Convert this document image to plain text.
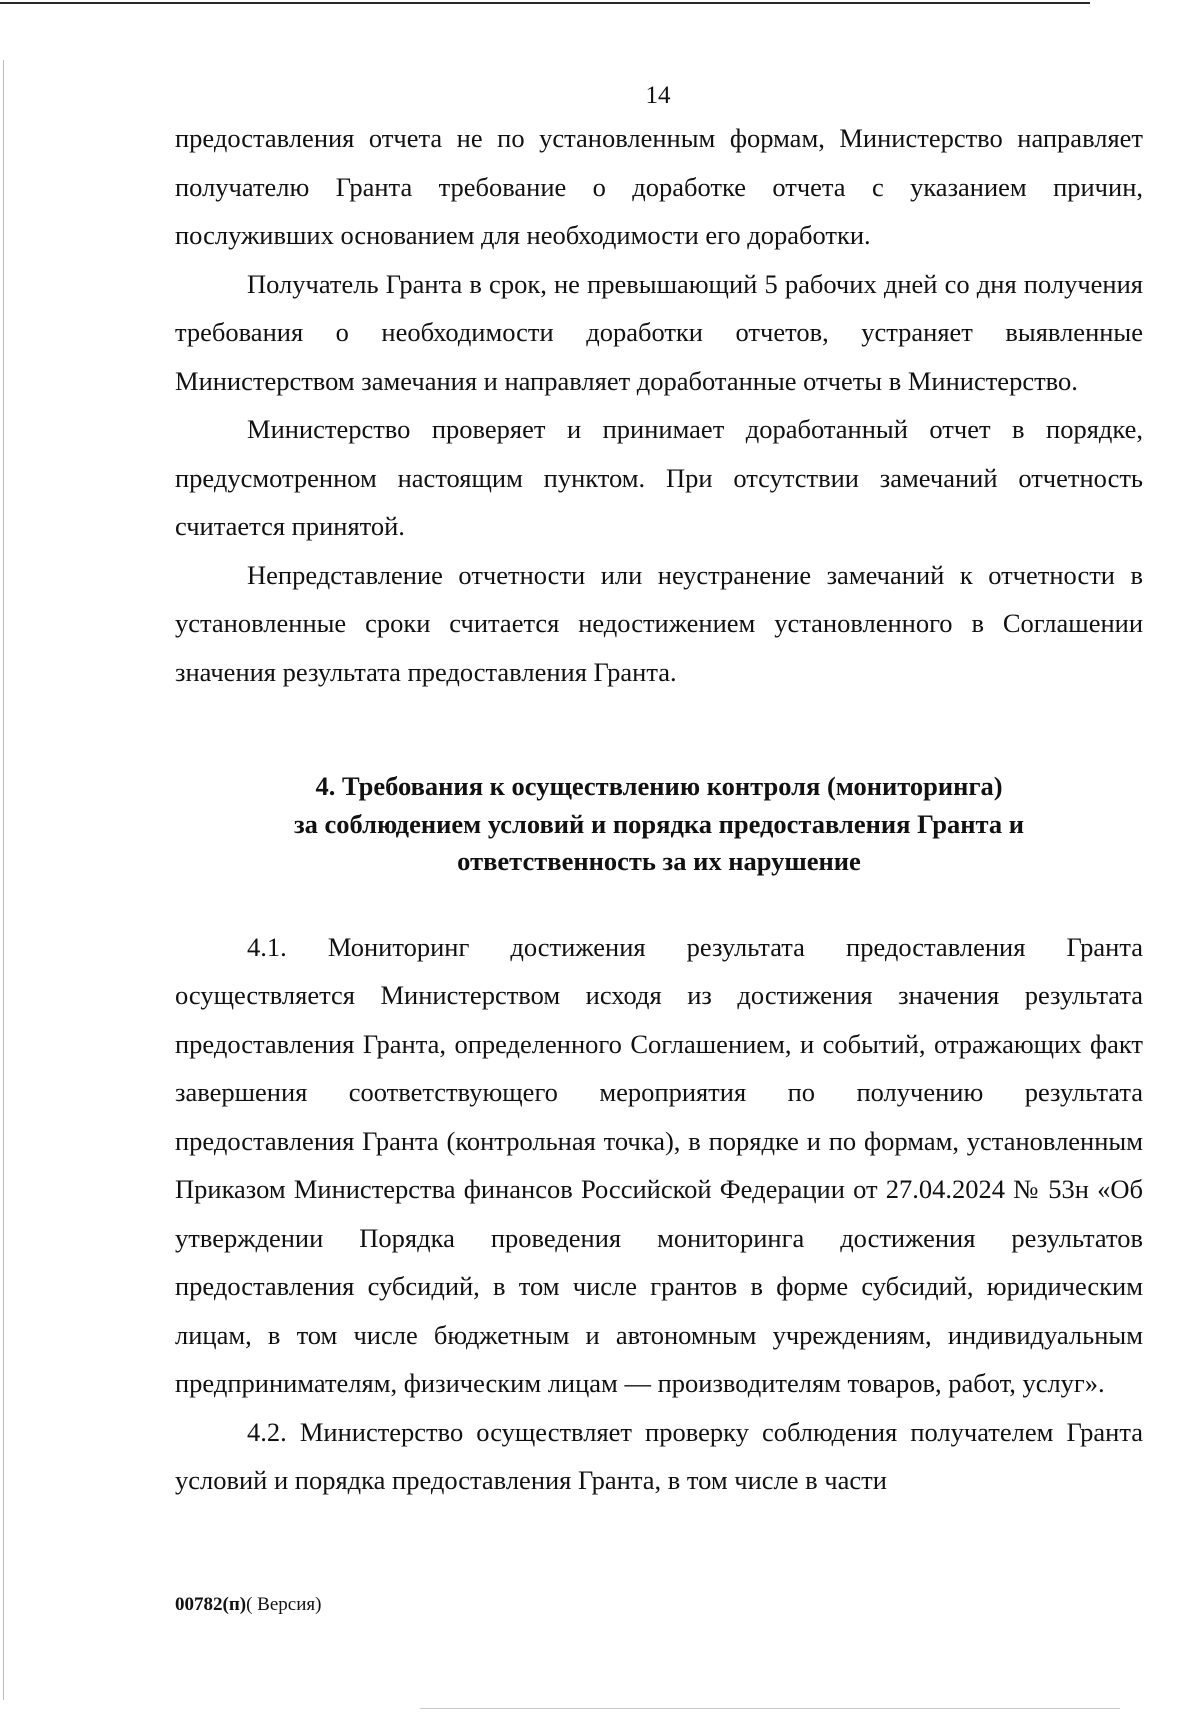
14

предоставления отчета не по установленным формам, Министерство направляет получателю Гранта требование о доработке отчета с указанием причин, послуживших основанием для необходимости его доработки.

Получатель Гранта в срок, не превышающий 5 рабочих дней со дня получения требования о необходимости доработки отчетов, устраняет выявленные Министерством замечания и направляет доработанные отчеты в Министерство.

Министерство проверяет и принимает доработанный отчет в порядке, предусмотренном настоящим пунктом. При отсутствии замечаний отчетность считается принятой.

Непредставление отчетности или неустранение замечаний к отчетности в установленные сроки считается недостижением установленного в Соглашении значения результата предоставления Гранта.

4. Требования к осуществлению контроля (мониторинга)
за соблюдением условий и порядка предоставления Гранта и
ответственность за их нарушение

4.1. Мониторинг достижения результата предоставления Гранта осуществляется Министерством исходя из достижения значения результата предоставления Гранта, определенного Соглашением, и событий, отражающих факт завершения соответствующего мероприятия по получению результата предоставления Гранта (контрольная точка), в порядке и по формам, установленным Приказом Министерства финансов Российской Федерации от 27.04.2024 № 53н «Об утверждении Порядка проведения мониторинга достижения результатов предоставления субсидий, в том числе грантов в форме субсидий, юридическим лицам, в том числе бюджетным и автономным учреждениям, индивидуальным предпринимателям, физическим лицам — производителям товаров, работ, услуг».

4.2. Министерство осуществляет проверку соблюдения получателем Гранта условий и порядка предоставления Гранта, в том числе в части

00782(п)( Версия)
